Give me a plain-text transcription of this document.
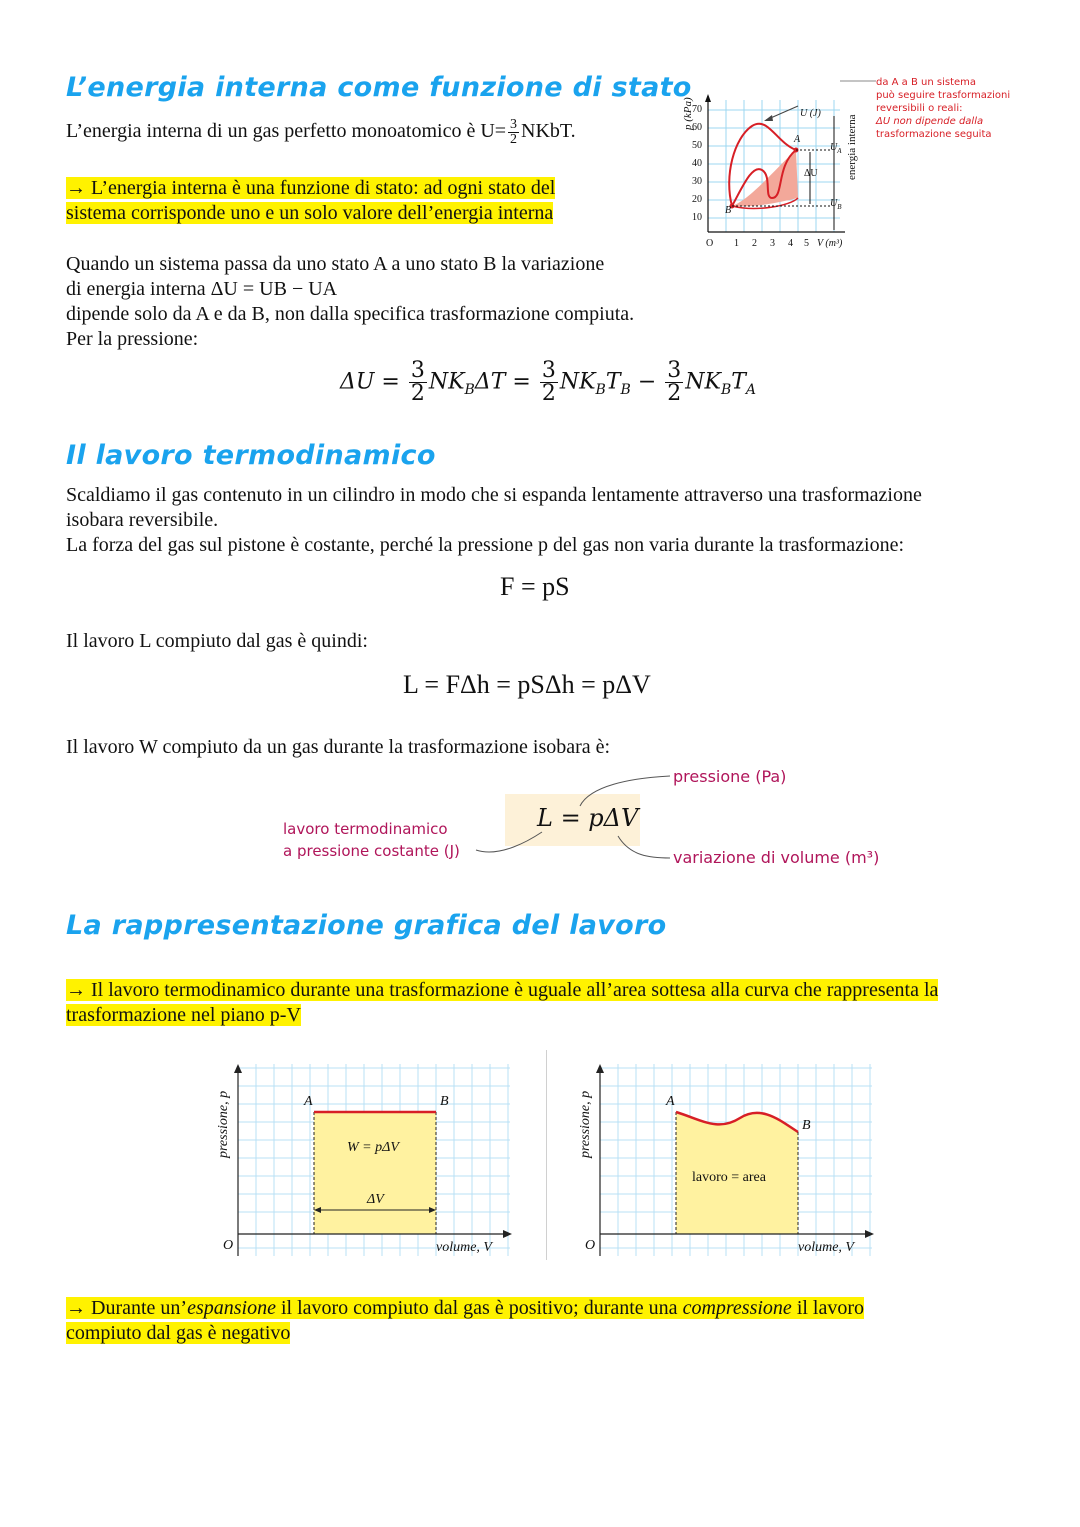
L’energia interna come funzione di stato
L’energia interna di un gas perfetto monoatomico è $U= \frac{3}{2}$ NKbT.
→ L’energia interna è una funzione di stato: ad ogni stato del
sistema corrisponde uno e un solo valore dell’energia interna
Quando un sistema passa da uno stato A a uno stato B la variazione
di energia interna ΔU = UB − UA
dipende solo da A e da B, non dalla specifica trasformazione compiuta.
Per la pressione:
$\Delta U = \frac{3}{2} NK_B\Delta T = \frac{3}{2} NK_BT_B - \frac{3}{2} NK_BT_A$
p (kPa)
70
60
50
40
30
20
10
O 1 2 3 4 5 V (m³)
U (J)
A
B
$U_A$
$U_B$
ΔU	energia interna
da A a B un sistema
può seguire trasformazioni
reversibili o reali:
ΔU non dipende dalla
trasformazione seguita
Il lavoro termodinamico
Scaldiamo il gas contenuto in un cilindro in modo che si espanda lentamente attraverso una trasformazione
isobara reversibile.
La forza del gas sul pistone è costante, perché la pressione p del gas non varia durante la trasformazione:
F = pS
Il lavoro L compiuto dal gas è quindi:
L = FΔh = pSΔh = pΔV
Il lavoro W compiuto da un gas durante la trasformazione isobara è:
L = pΔV
pressione (Pa)
lavoro termodinamico
a pressione costante (J)	variazione di volume (m³)
La rappresentazione grafica del lavoro
→ Il lavoro termodinamico durante una trasformazione è uguale all’area sottesa alla curva che rappresenta la
trasformazione nel piano p-V
pressione, p
O
A	B
W = pΔV
ΔV
volume, V
pressione, p
O
A
B
lavoro = area
volume, V
→ Durante un’espansione il lavoro compiuto dal gas è positivo; durante una compressione il lavoro
compiuto dal gas è negativo
